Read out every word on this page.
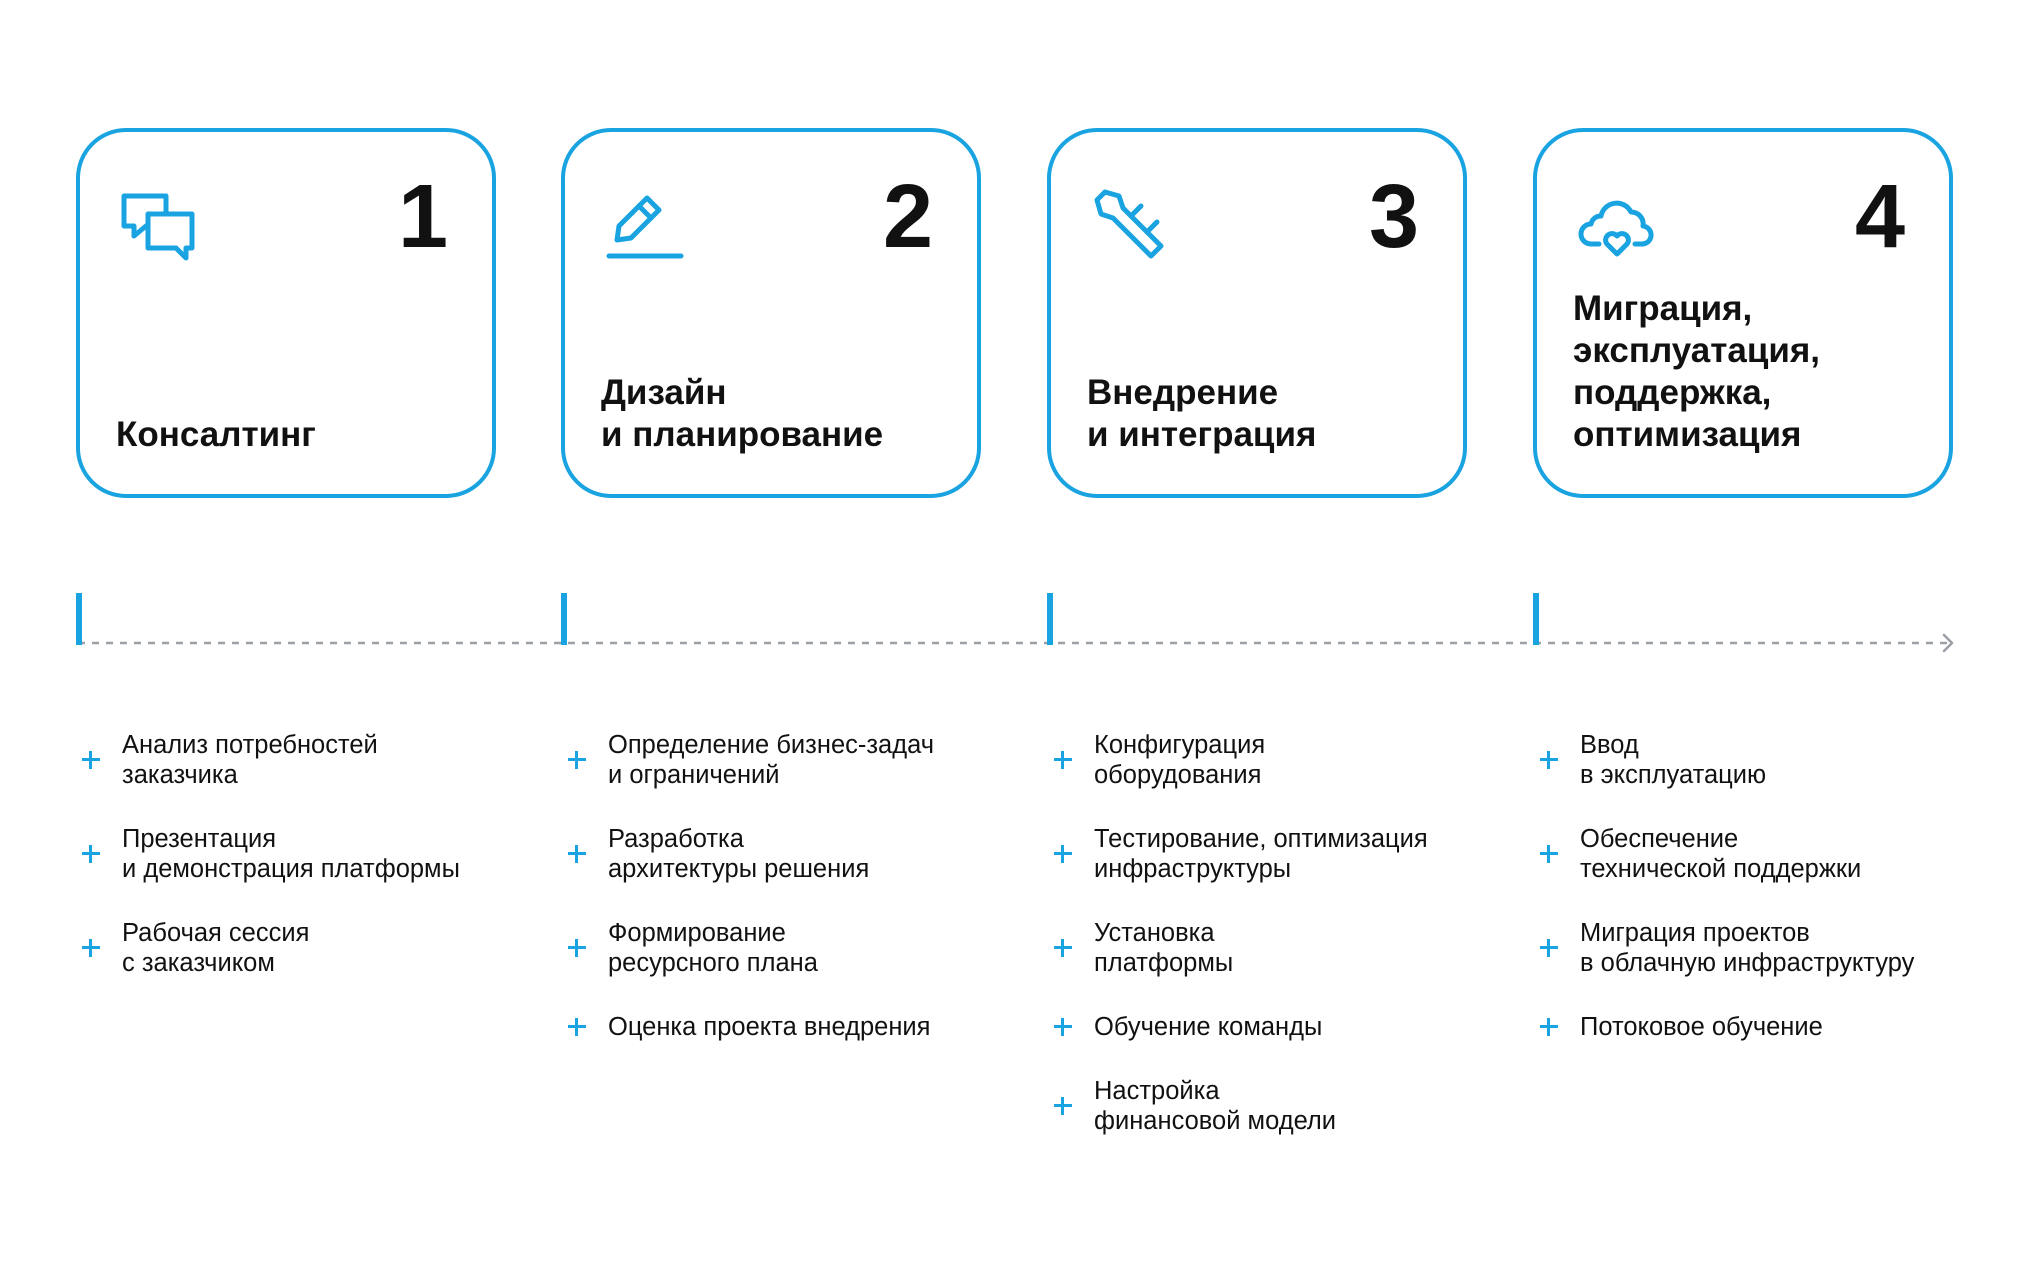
1
Консалтинг
2
Дизайн
и планирование
3
Внедрение
и интеграция
4
Миграция,
эксплуатация,
поддержка,
оптимизация
Анализ потребностей
заказчика
Презентация
и демонстрация платформы
Рабочая сессия
с заказчиком
Определение бизнес-задач
и ограничений
Разработка
архитектуры решения
Формирование
ресурсного плана
Оценка проекта внедрения
Конфигурация
оборудования
Тестирование, оптимизация
инфраструктуры
Установка
платформы
Обучение команды
Настройка
финансовой модели
Ввод
в эксплуатацию
Обеспечение
технической поддержки
Миграция проектов
в облачную инфраструктуру
Потоковое обучение
